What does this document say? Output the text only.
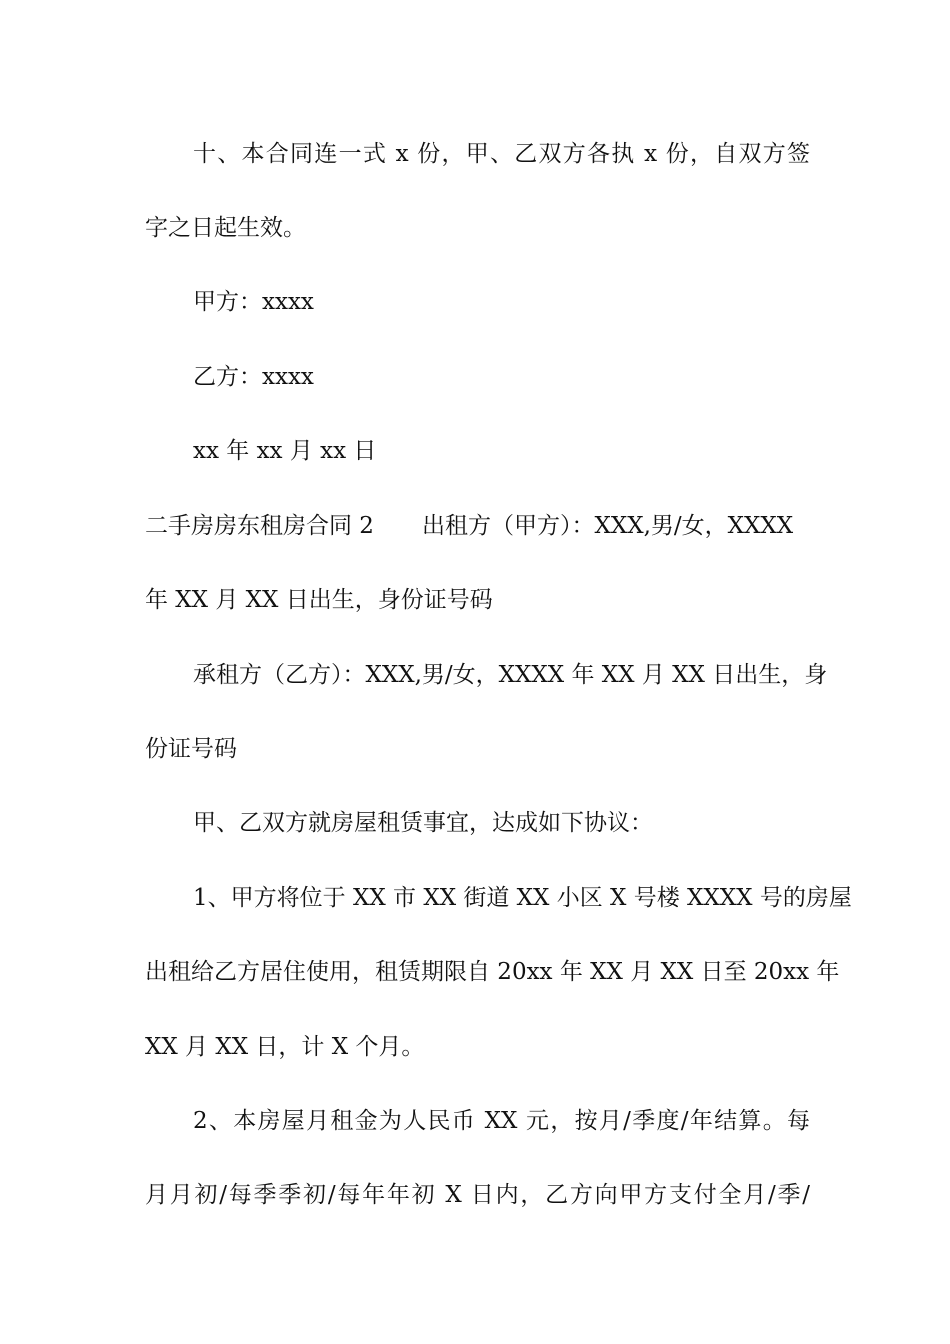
十、本合同连一式 x 份，甲、乙双方各执 x 份，自双方签
字之日起生效。
甲方：xxxx
乙方：xxxx
xx 年 xx 月 xx 日
二手房房东租房合同 2 出租方（甲方）：XXX,男/女，XXXX
年 XX 月 XX 日出生，身份证号码
承租方（乙方）：XXX,男/女，XXXX 年 XX 月 XX 日出生，身
份证号码
甲、乙双方就房屋租赁事宜，达成如下协议：
1、甲方将位于 XX 市 XX 街道 XX 小区 X 号楼 XXXX 号的房屋
出租给乙方居住使用，租赁期限自 20xx 年 XX 月 XX 日至 20xx 年
XX 月 XX 日，计 X 个月。
2、本房屋月租金为人民币 XX 元，按月/季度/年结算。每
月月初/每季季初/每年年初 X 日内，乙方向甲方支付全月/季/
